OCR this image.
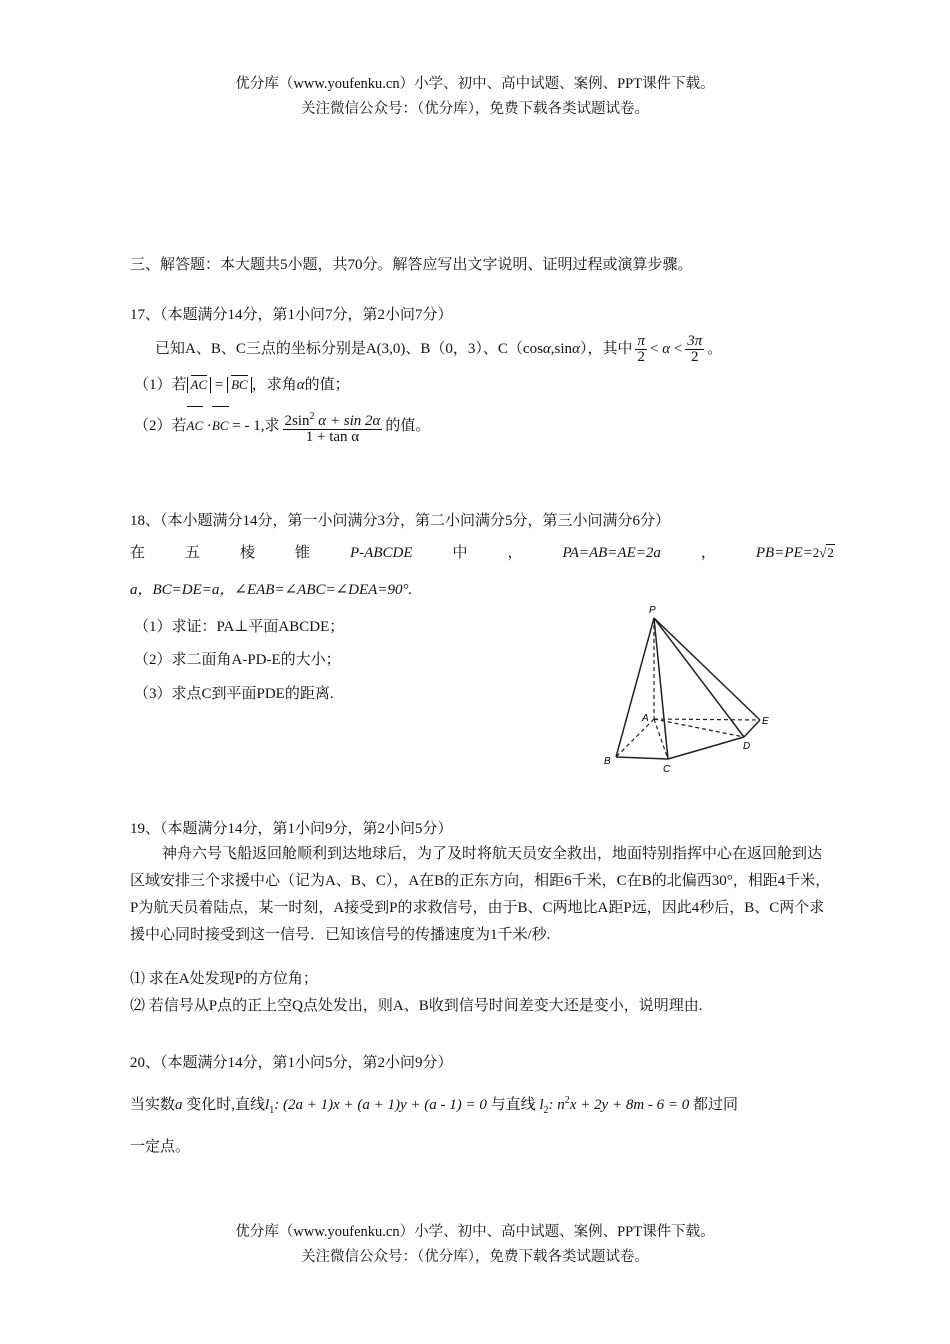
优分库（www.youfenku.cn）小学、初中、高中试题、案例、PPT课件下载。
关注微信公众号：（优分库），免费下载各类试题试卷。
三、解答题：本大题共5小题，共70分。解答应写出文字说明、证明过程或演算步骤。
17、（本题满分14分，第1小问7分，第2小问7分）
已知A、B、C三点的坐标分别是A(3,0)、B（0，3）、C（cosα,sinα），其中 $\frac{\pi}{2} < \alpha < \frac{3\pi}{2}$ 。
（1）若 AC = BC ，求角α的值；
（2）若AC ·BC = - 1,求 $\frac{2\sin^2 \alpha + \sin 2\alpha}{\text{1 + tan α}}$ 的值。
18、（本小题满分14分，第一小问满分3分，第二小问满分5分，第三小问满分6分）
在	五	棱	锥	P-ABCDE	中	，	PA=AB=AE=2a	，	PB=PE=2√2
a，BC=DE=a，∠EAB=∠ABC=∠DEA=90°.
（1）求证：PA⊥平面ABCDE；
（2）求二面角A-PD-E的大小；
（3）求点C到平面PDE的距离.
P
A
B
C
D
E
19、（本题满分14分，第1小问9分，第2小问5分）
神舟六号飞船返回舱顺利到达地球后，为了及时将航天员安全救出，地面特别指挥中心在返回舱到达区域安排三个求援中心（记为A、B、C），A在B的正东方向，相距6千米，C在B的北偏西30°，相距4千米，P为航天员着陆点，某一时刻，A接受到P的求救信号，由于B、C两地比A距P远，因此4秒后，B、C两个求援中心同时接受到这一信号．已知该信号的传播速度为1千米/秒.
⑴ 求在A处发现P的方位角；
⑵ 若信号从P点的正上空Q点处发出，则A、B收到信号时间差变大还是变小，说明理由.
20、（本题满分14分，第1小问5分，第2小问9分）
当实数a 变化时,直线$l_1$: (2a + 1)x + (a + 1)y + (a - 1) = 0 与直线 $l_2$: $n^2x + 2y + 8m - 6 = 0$ 都过同
一定点。
优分库（www.youfenku.cn）小学、初中、高中试题、案例、PPT课件下载。
关注微信公众号：（优分库），免费下载各类试题试卷。
